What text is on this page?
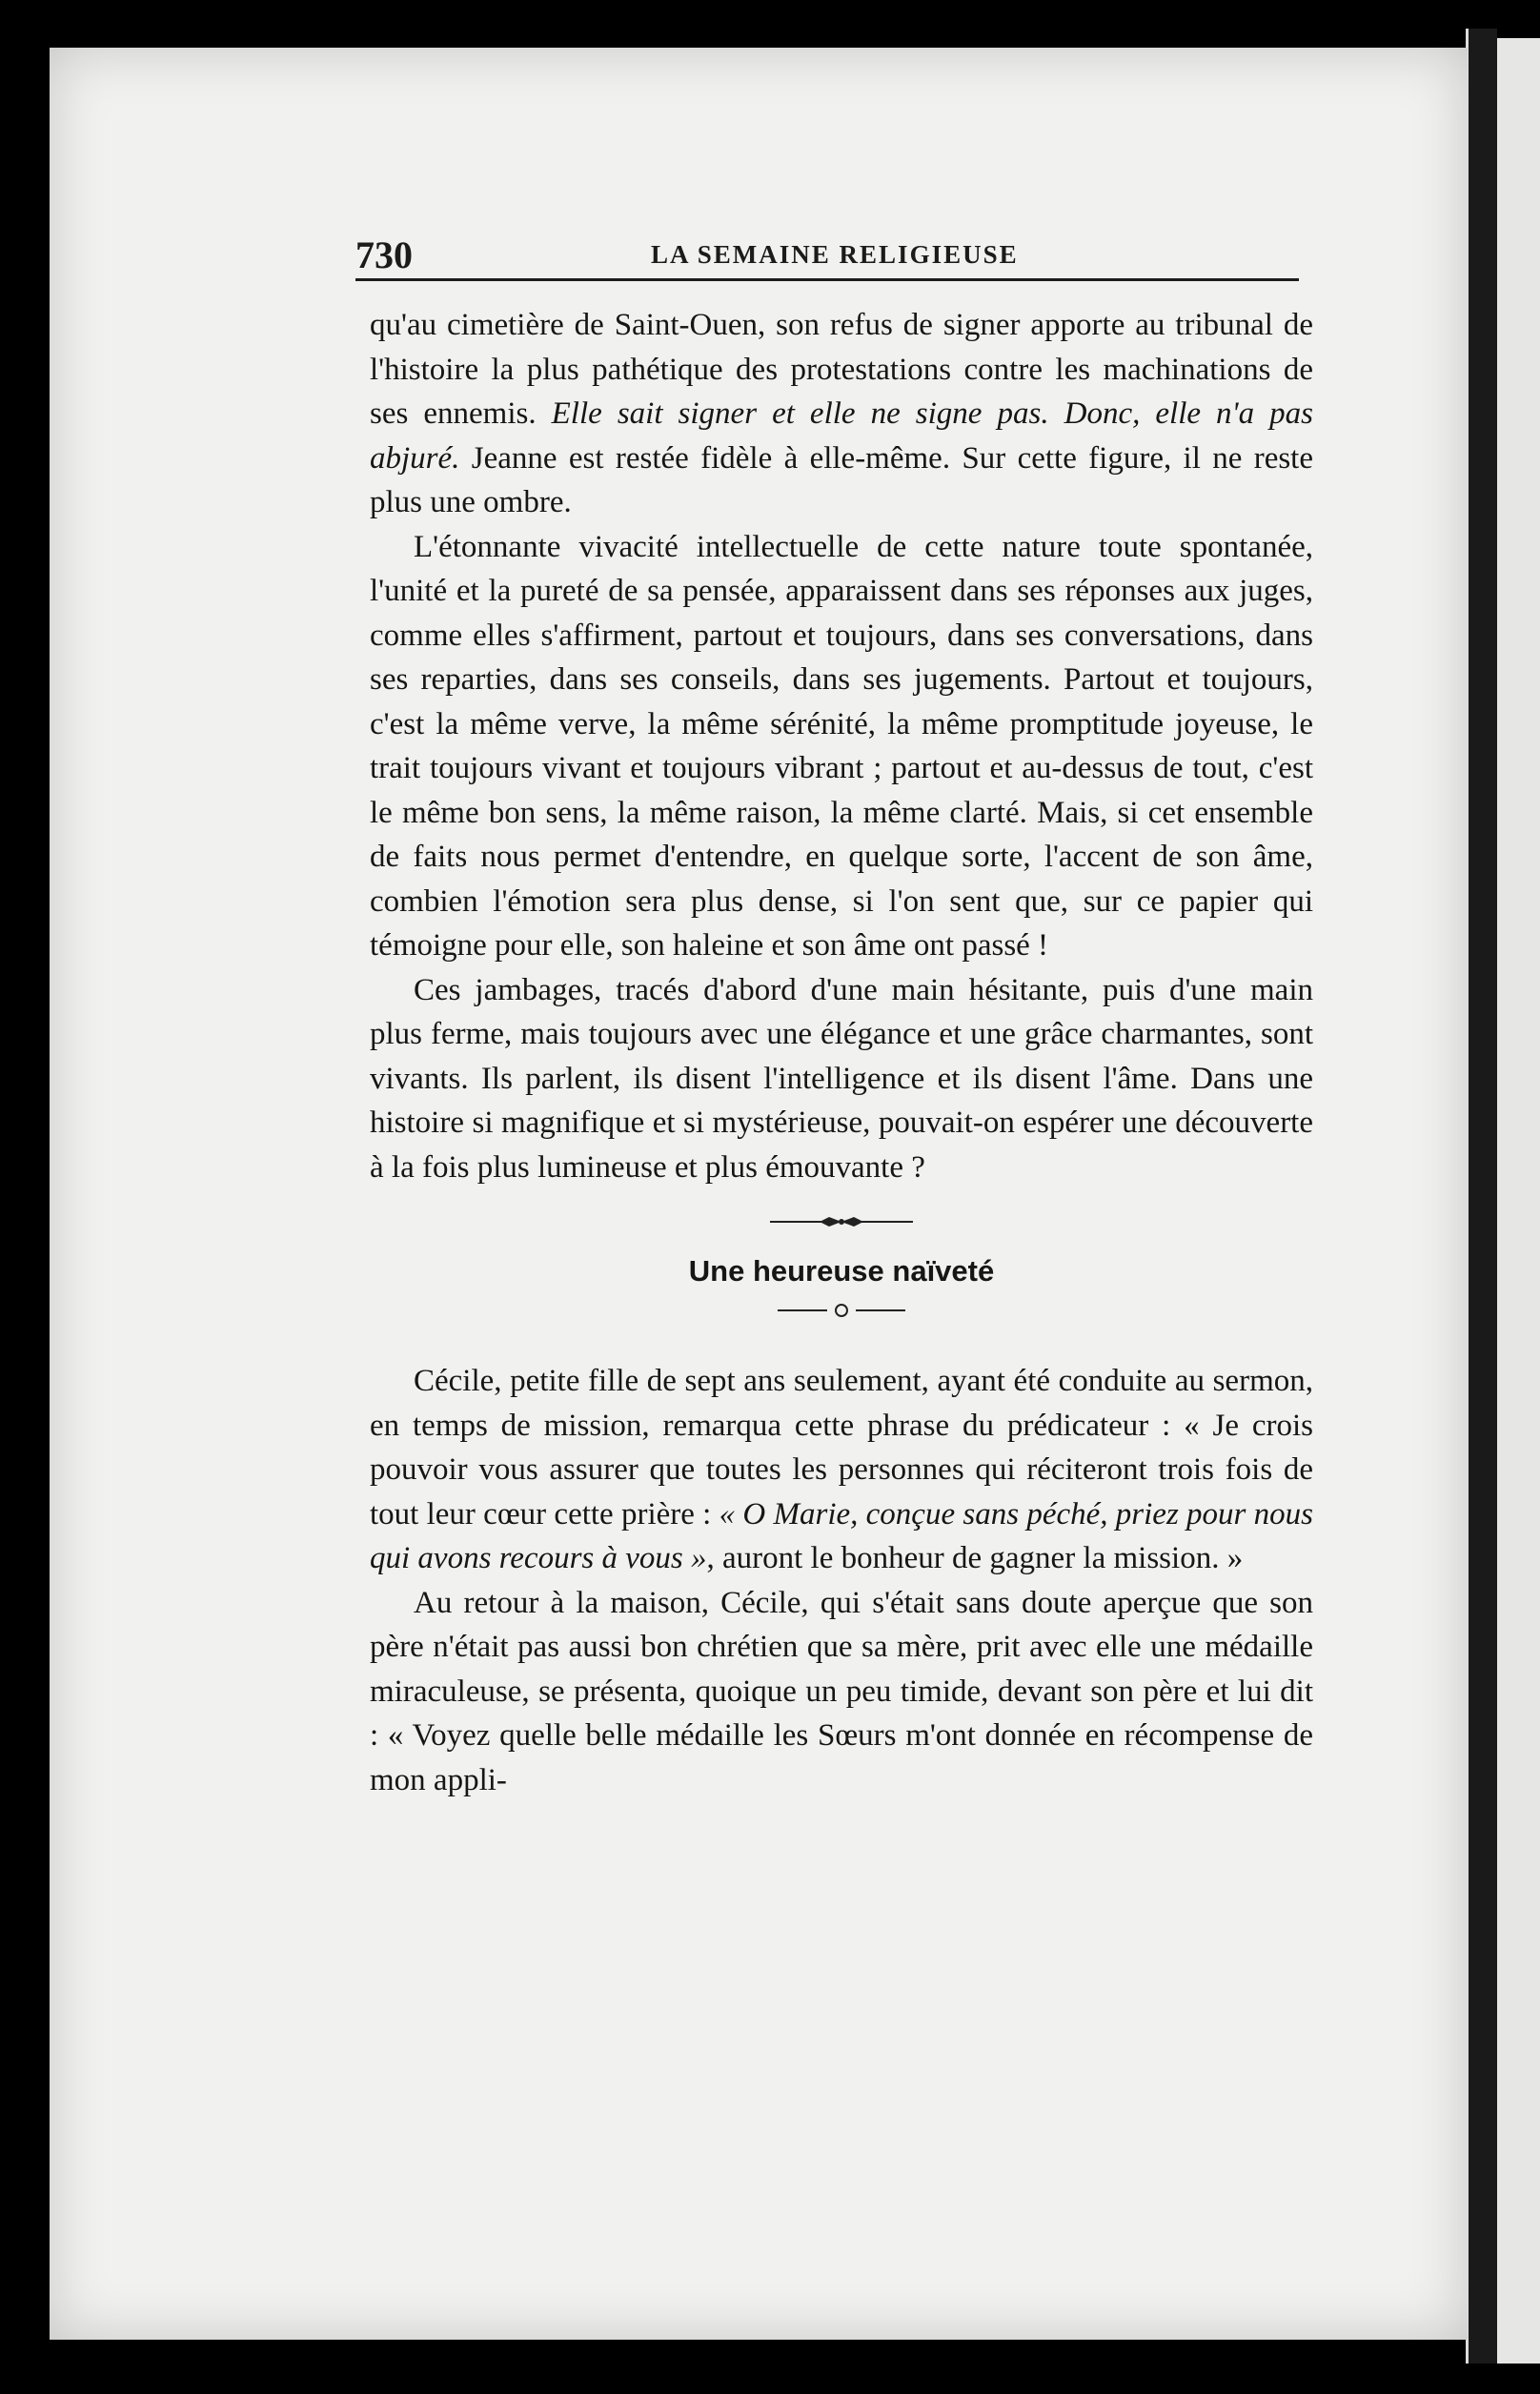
730	LA SEMAINE RELIGIEUSE

qu'au cimetière de Saint-Ouen, son refus de signer apporte au tribunal de l'histoire la plus pathétique des protestations contre les machinations de ses ennemis. Elle sait signer et elle ne signe pas. Donc, elle n'a pas abjuré. Jeanne est restée fidèle à elle-même. Sur cette figure, il ne reste plus une ombre.

L'étonnante vivacité intellectuelle de cette nature toute spontanée, l'unité et la pureté de sa pensée, apparaissent dans ses réponses aux juges, comme elles s'affirment, partout et toujours, dans ses conversations, dans ses reparties, dans ses conseils, dans ses jugements. Partout et toujours, c'est la même verve, la même sérénité, la même promptitude joyeuse, le trait toujours vivant et toujours vibrant ; partout et au-dessus de tout, c'est le même bon sens, la même raison, la même clarté. Mais, si cet ensemble de faits nous permet d'entendre, en quelque sorte, l'accent de son âme, combien l'émotion sera plus dense, si l'on sent que, sur ce papier qui témoigne pour elle, son haleine et son âme ont passé !

Ces jambages, tracés d'abord d'une main hésitante, puis d'une main plus ferme, mais toujours avec une élégance et une grâce charmantes, sont vivants. Ils parlent, ils disent l'intelligence et ils disent l'âme. Dans une histoire si magnifique et si mystérieuse, pouvait-on espérer une découverte à la fois plus lumineuse et plus émouvante ?

Une heureuse naïveté

Cécile, petite fille de sept ans seulement, ayant été conduite au sermon, en temps de mission, remarqua cette phrase du prédicateur : « Je crois pouvoir vous assurer que toutes les personnes qui réciteront trois fois de tout leur cœur cette prière : « O Marie, conçue sans péché, priez pour nous qui avons recours à vous », auront le bonheur de gagner la mission. »

Au retour à la maison, Cécile, qui s'était sans doute aperçue que son père n'était pas aussi bon chrétien que sa mère, prit avec elle une médaille miraculeuse, se présenta, quoique un peu timide, devant son père et lui dit : « Voyez quelle belle médaille les Sœurs m'ont donnée en récompense de mon appli-
